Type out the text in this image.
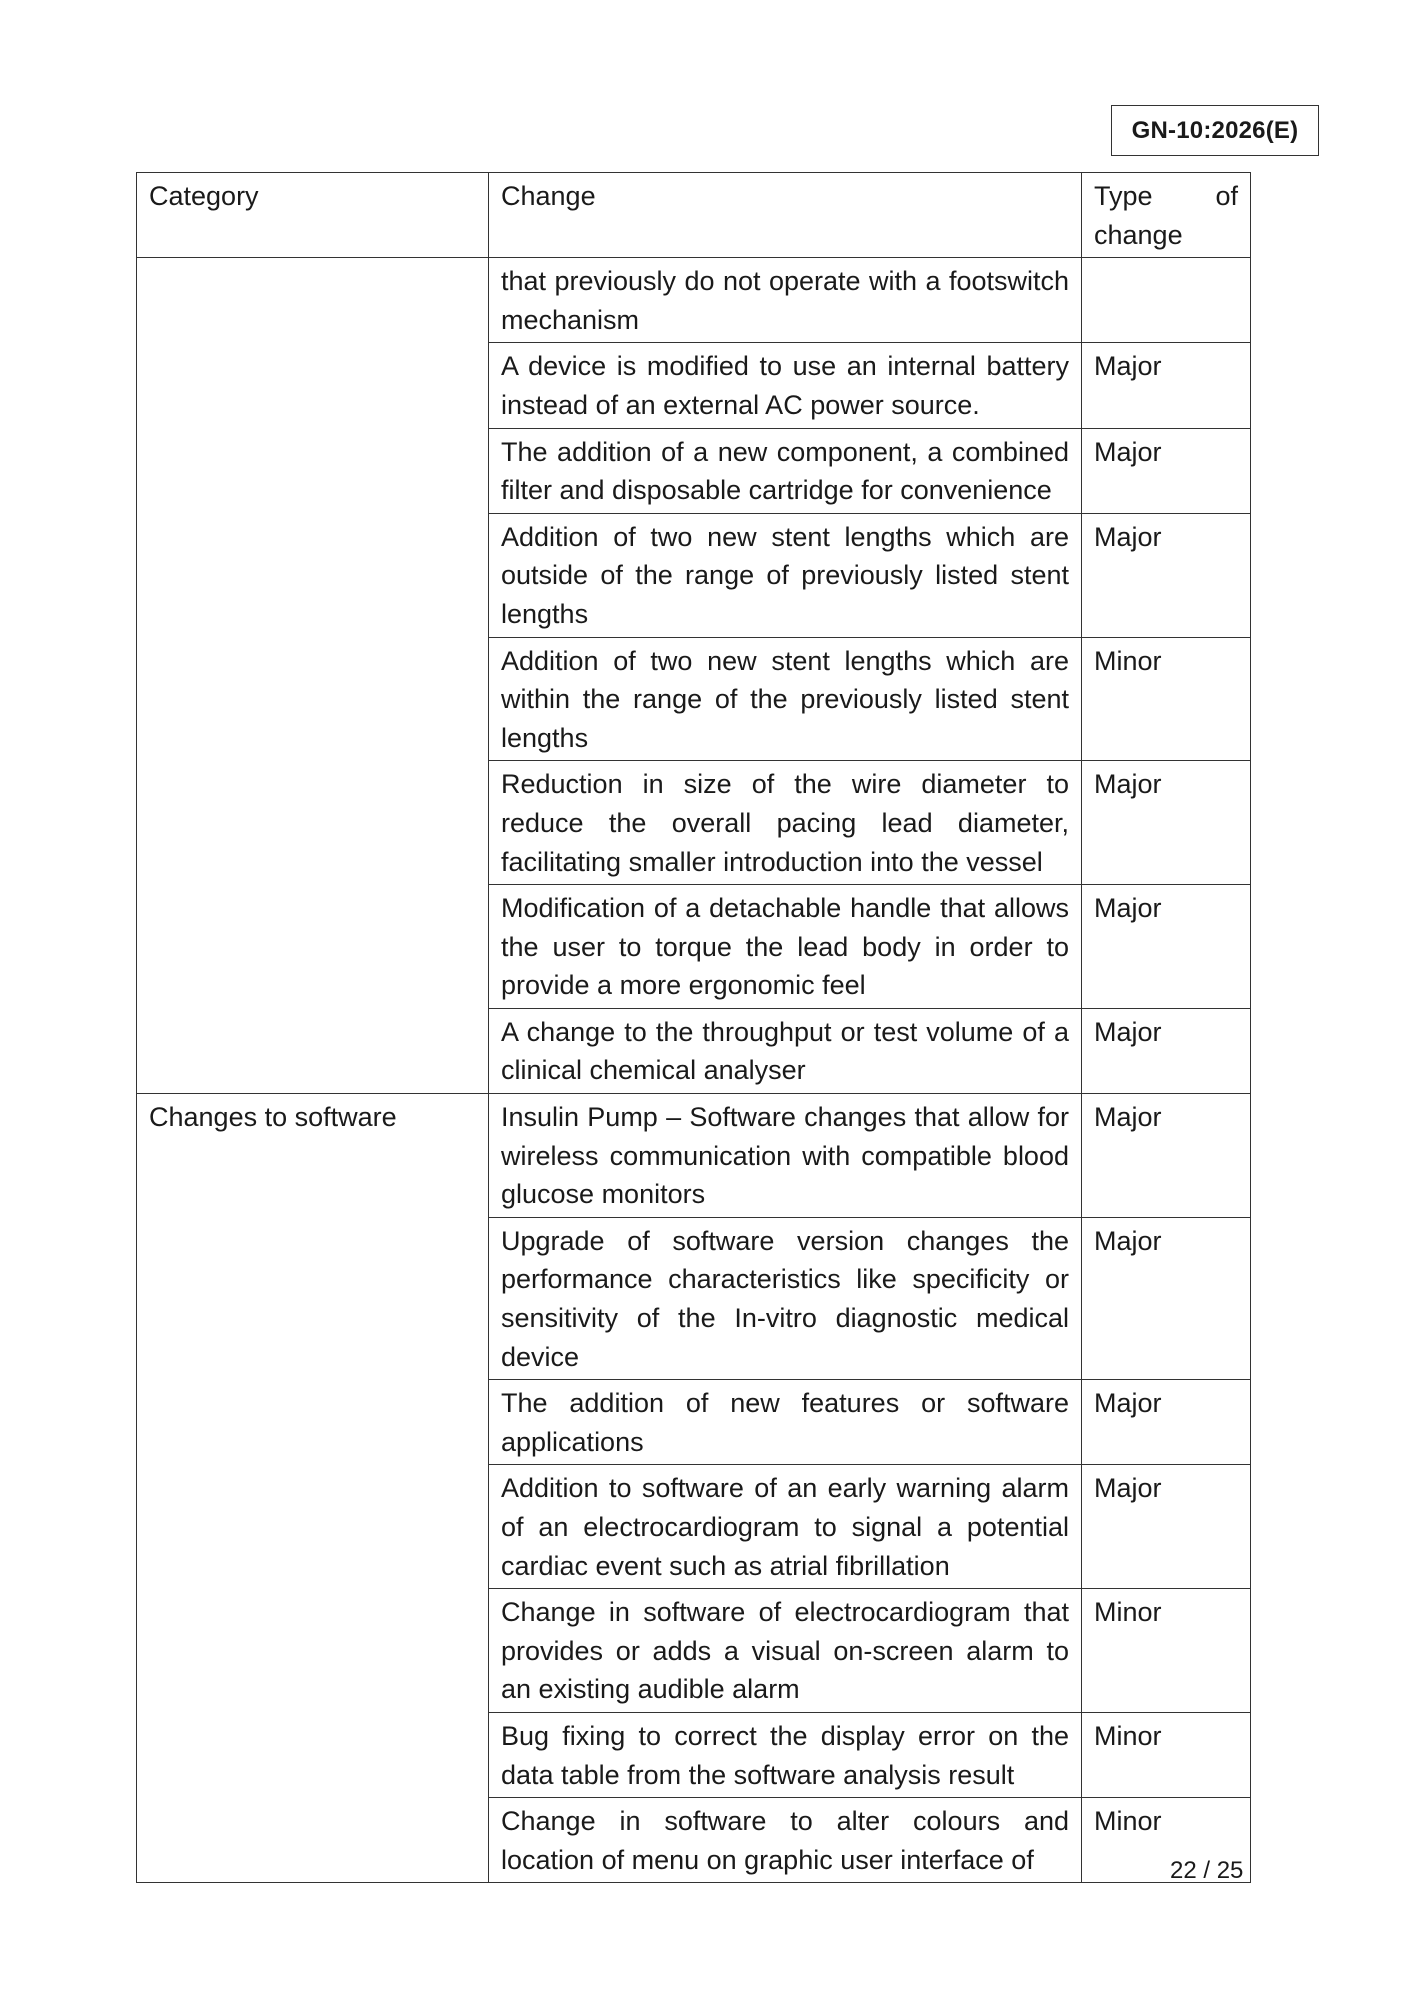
GN-10:2026(E)
Category	Change	Type of
change

	that previously do not operate with a footswitch mechanism	
	A device is modified to use an internal battery instead of an external AC power source.	Major
	The addition of a new component, a combined filter and disposable cartridge for convenience	Major
	Addition of two new stent lengths which are outside of the range of previously listed stent lengths	Major
	Addition of two new stent lengths which are within the range of the previously listed stent lengths	Minor
	Reduction in size of the wire diameter to reduce the overall pacing lead diameter, facilitating smaller introduction into the vessel	Major
	Modification of a detachable handle that allows the user to torque the lead body in order to provide a more ergonomic feel	Major
	A change to the throughput or test volume of a clinical chemical analyser	Major
Changes to software	Insulin Pump – Software changes that allow for wireless communication with compatible blood glucose monitors	Major
	Upgrade of software version changes the performance characteristics like specificity or sensitivity of the In-vitro diagnostic medical device	Major
	The addition of new features or software applications	Major
	Addition to software of an early warning alarm of an electrocardiogram to signal a potential cardiac event such as atrial fibrillation	Major
	Change in software of electrocardiogram that provides or adds a visual on-screen alarm to an existing audible alarm	Minor
	Bug fixing to correct the display error on the data table from the software analysis result	Minor
	Change in software to alter colours and location of menu on graphic user interface of	Minor
22 / 25
